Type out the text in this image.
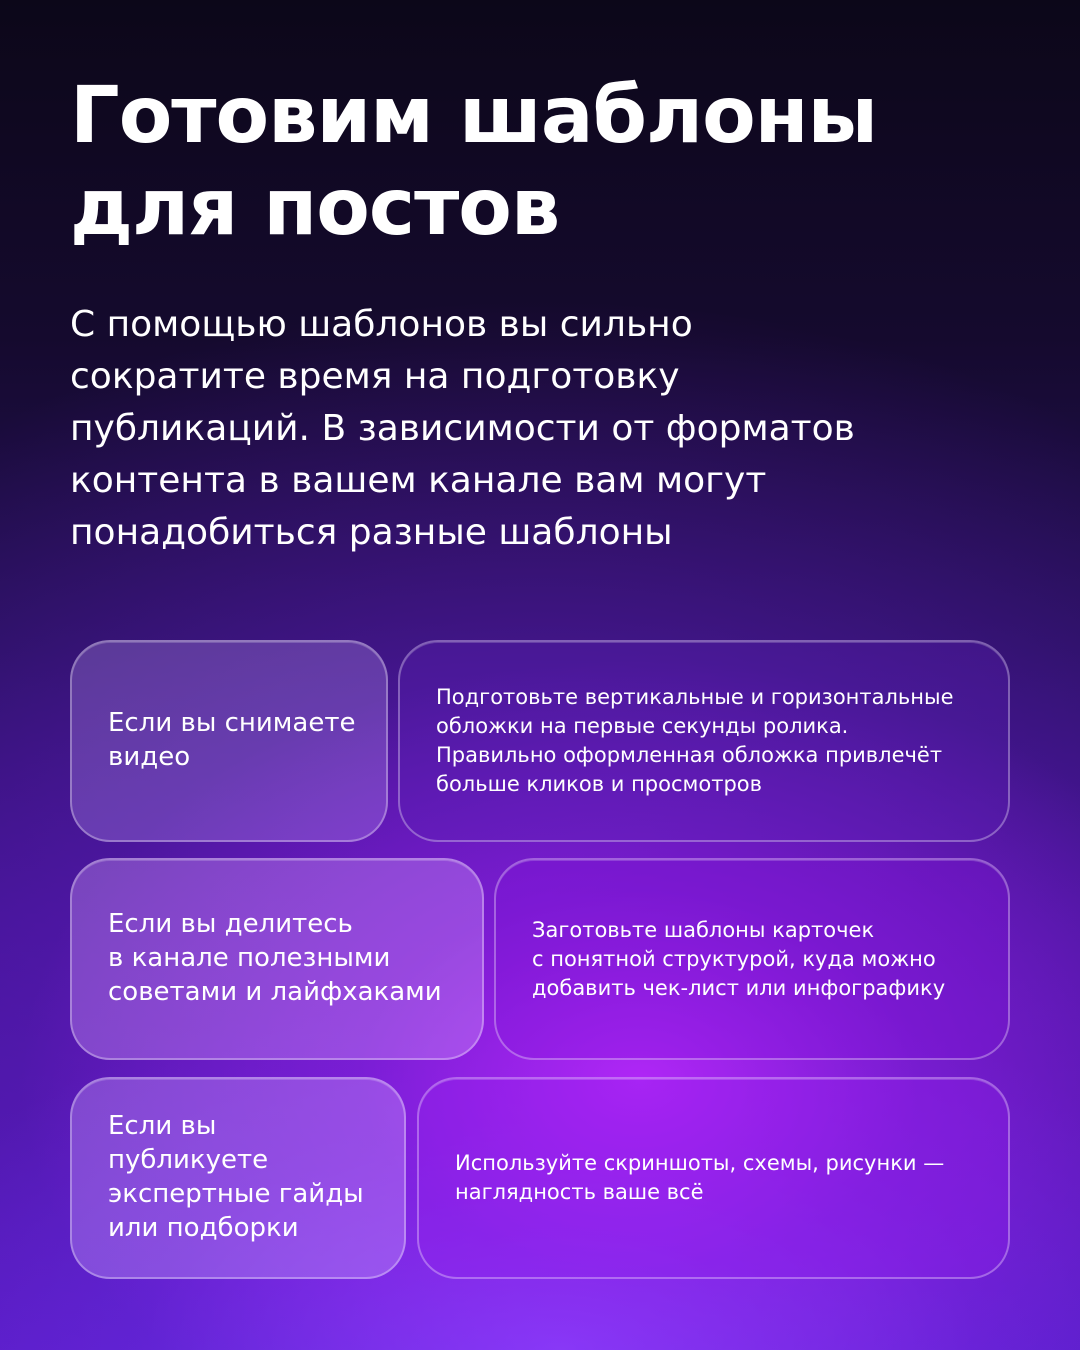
Готовим шаблоны
для постов

С помощью шаблонов вы сильно
сократите время на подготовку
публикаций. В зависимости от форматов
контента в вашем канале вам могут
понадобиться разные шаблоны

Если вы снимаете
видео
Подготовьте вертикальные и горизонтальные
обложки на первые секунды ролика.
Правильно оформленная обложка привлечёт
больше кликов и просмотров
Если вы делитесь
в канале полезными
советами и лайфхаками
Заготовьте шаблоны карточек
с понятной структурой, куда можно
добавить чек-лист или инфографику
Если вы публикуете
экспертные гайды
или подборки
Используйте скриншоты, схемы, рисунки —
наглядность ваше всё
